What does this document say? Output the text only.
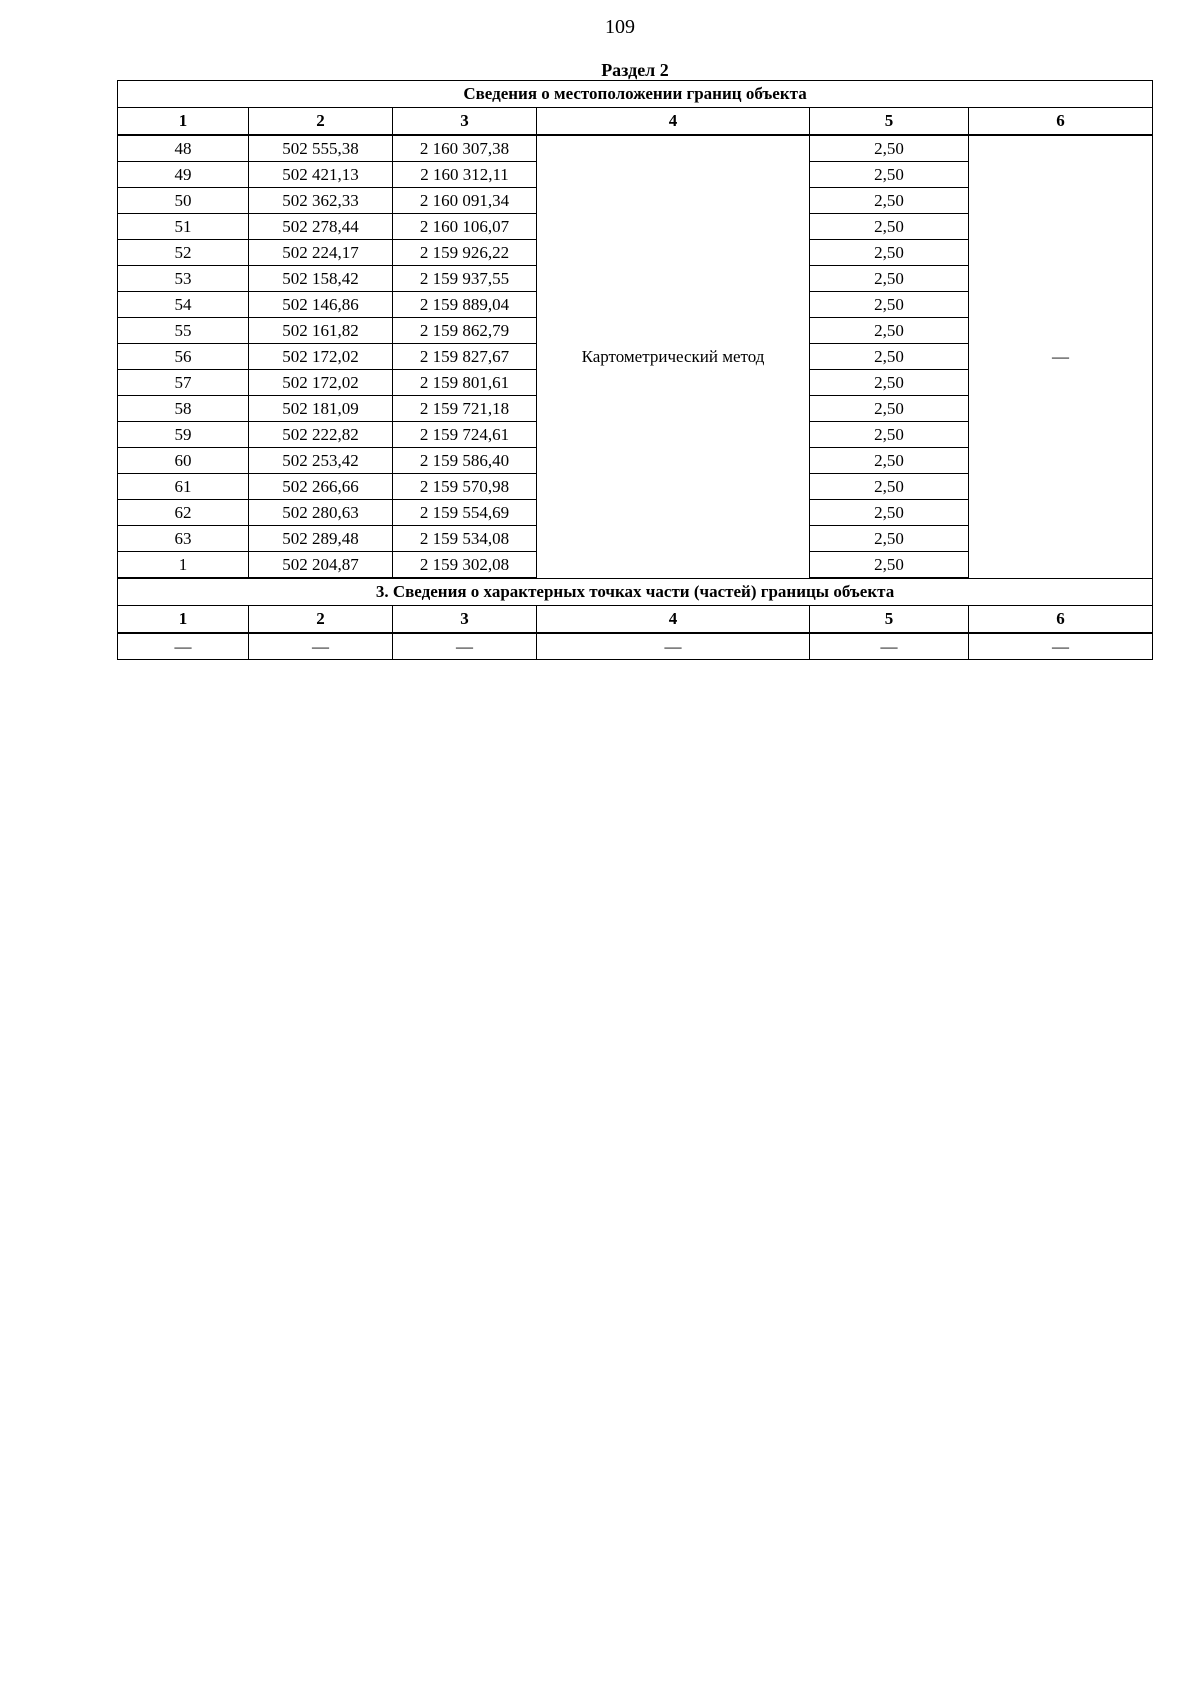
109
Раздел 2
Сведения о местоположении границ объекта					
1	2	3	4	5	6
48	502 555,38	2 160 307,38	Картометрический метод	2,50	—
49	502 421,13	2 160 312,11		2,50	
50	502 362,33	2 160 091,34		2,50	
51	502 278,44	2 160 106,07		2,50	
52	502 224,17	2 159 926,22		2,50	
53	502 158,42	2 159 937,55		2,50	
54	502 146,86	2 159 889,04		2,50	
55	502 161,82	2 159 862,79		2,50	
56	502 172,02	2 159 827,67		2,50	
57	502 172,02	2 159 801,61		2,50	
58	502 181,09	2 159 721,18		2,50	
59	502 222,82	2 159 724,61		2,50	
60	502 253,42	2 159 586,40		2,50	
61	502 266,66	2 159 570,98		2,50	
62	502 280,63	2 159 554,69		2,50	
63	502 289,48	2 159 534,08		2,50	
1	502 204,87	2 159 302,08		2,50	
3. Сведения о характерных точках части (частей) границы объекта					
1	2	3	4	5	6
—	—	—	—	—	—
